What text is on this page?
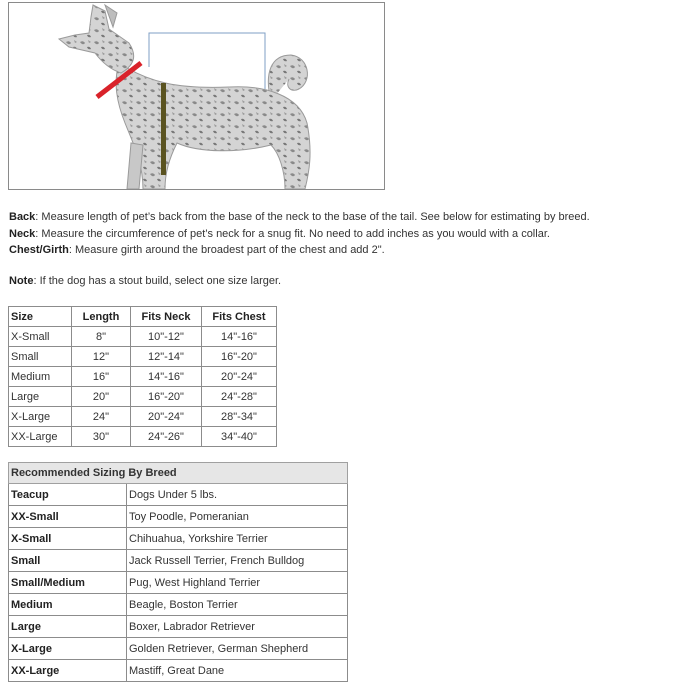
Back: Measure length of pet’s back from the base of the neck to the base of the tail. See below for estimating by breed.

Neck: Measure the circumference of pet’s neck for a snug fit. No need to add inches as you would with a collar.

Chest/Girth: Measure girth around the broadest part of the chest and add 2".

Note: If the dog has a stout build, select one size larger.
Size	Length	Fits Neck	Fits Chest
X-Small	8"	10"-12"	14"-16"
Small	12"	12"-14"	16"-20"
Medium	16"	14"-16"	20"-24"
Large	20"	16"-20"	24"-28"
X-Large	24"	20"-24"	28"-34"
XX-Large	30"	24"-26"	34"-40"
Recommended Sizing By Breed	
Teacup	Dogs Under 5 lbs.
XX-Small	Toy Poodle, Pomeranian
X-Small	Chihuahua, Yorkshire Terrier
Small	Jack Russell Terrier, French Bulldog
Small/Medium	Pug, West Highland Terrier
Medium	Beagle, Boston Terrier
Large	Boxer, Labrador Retriever
X-Large	Golden Retriever, German Shepherd
XX-Large	Mastiff, Great Dane
